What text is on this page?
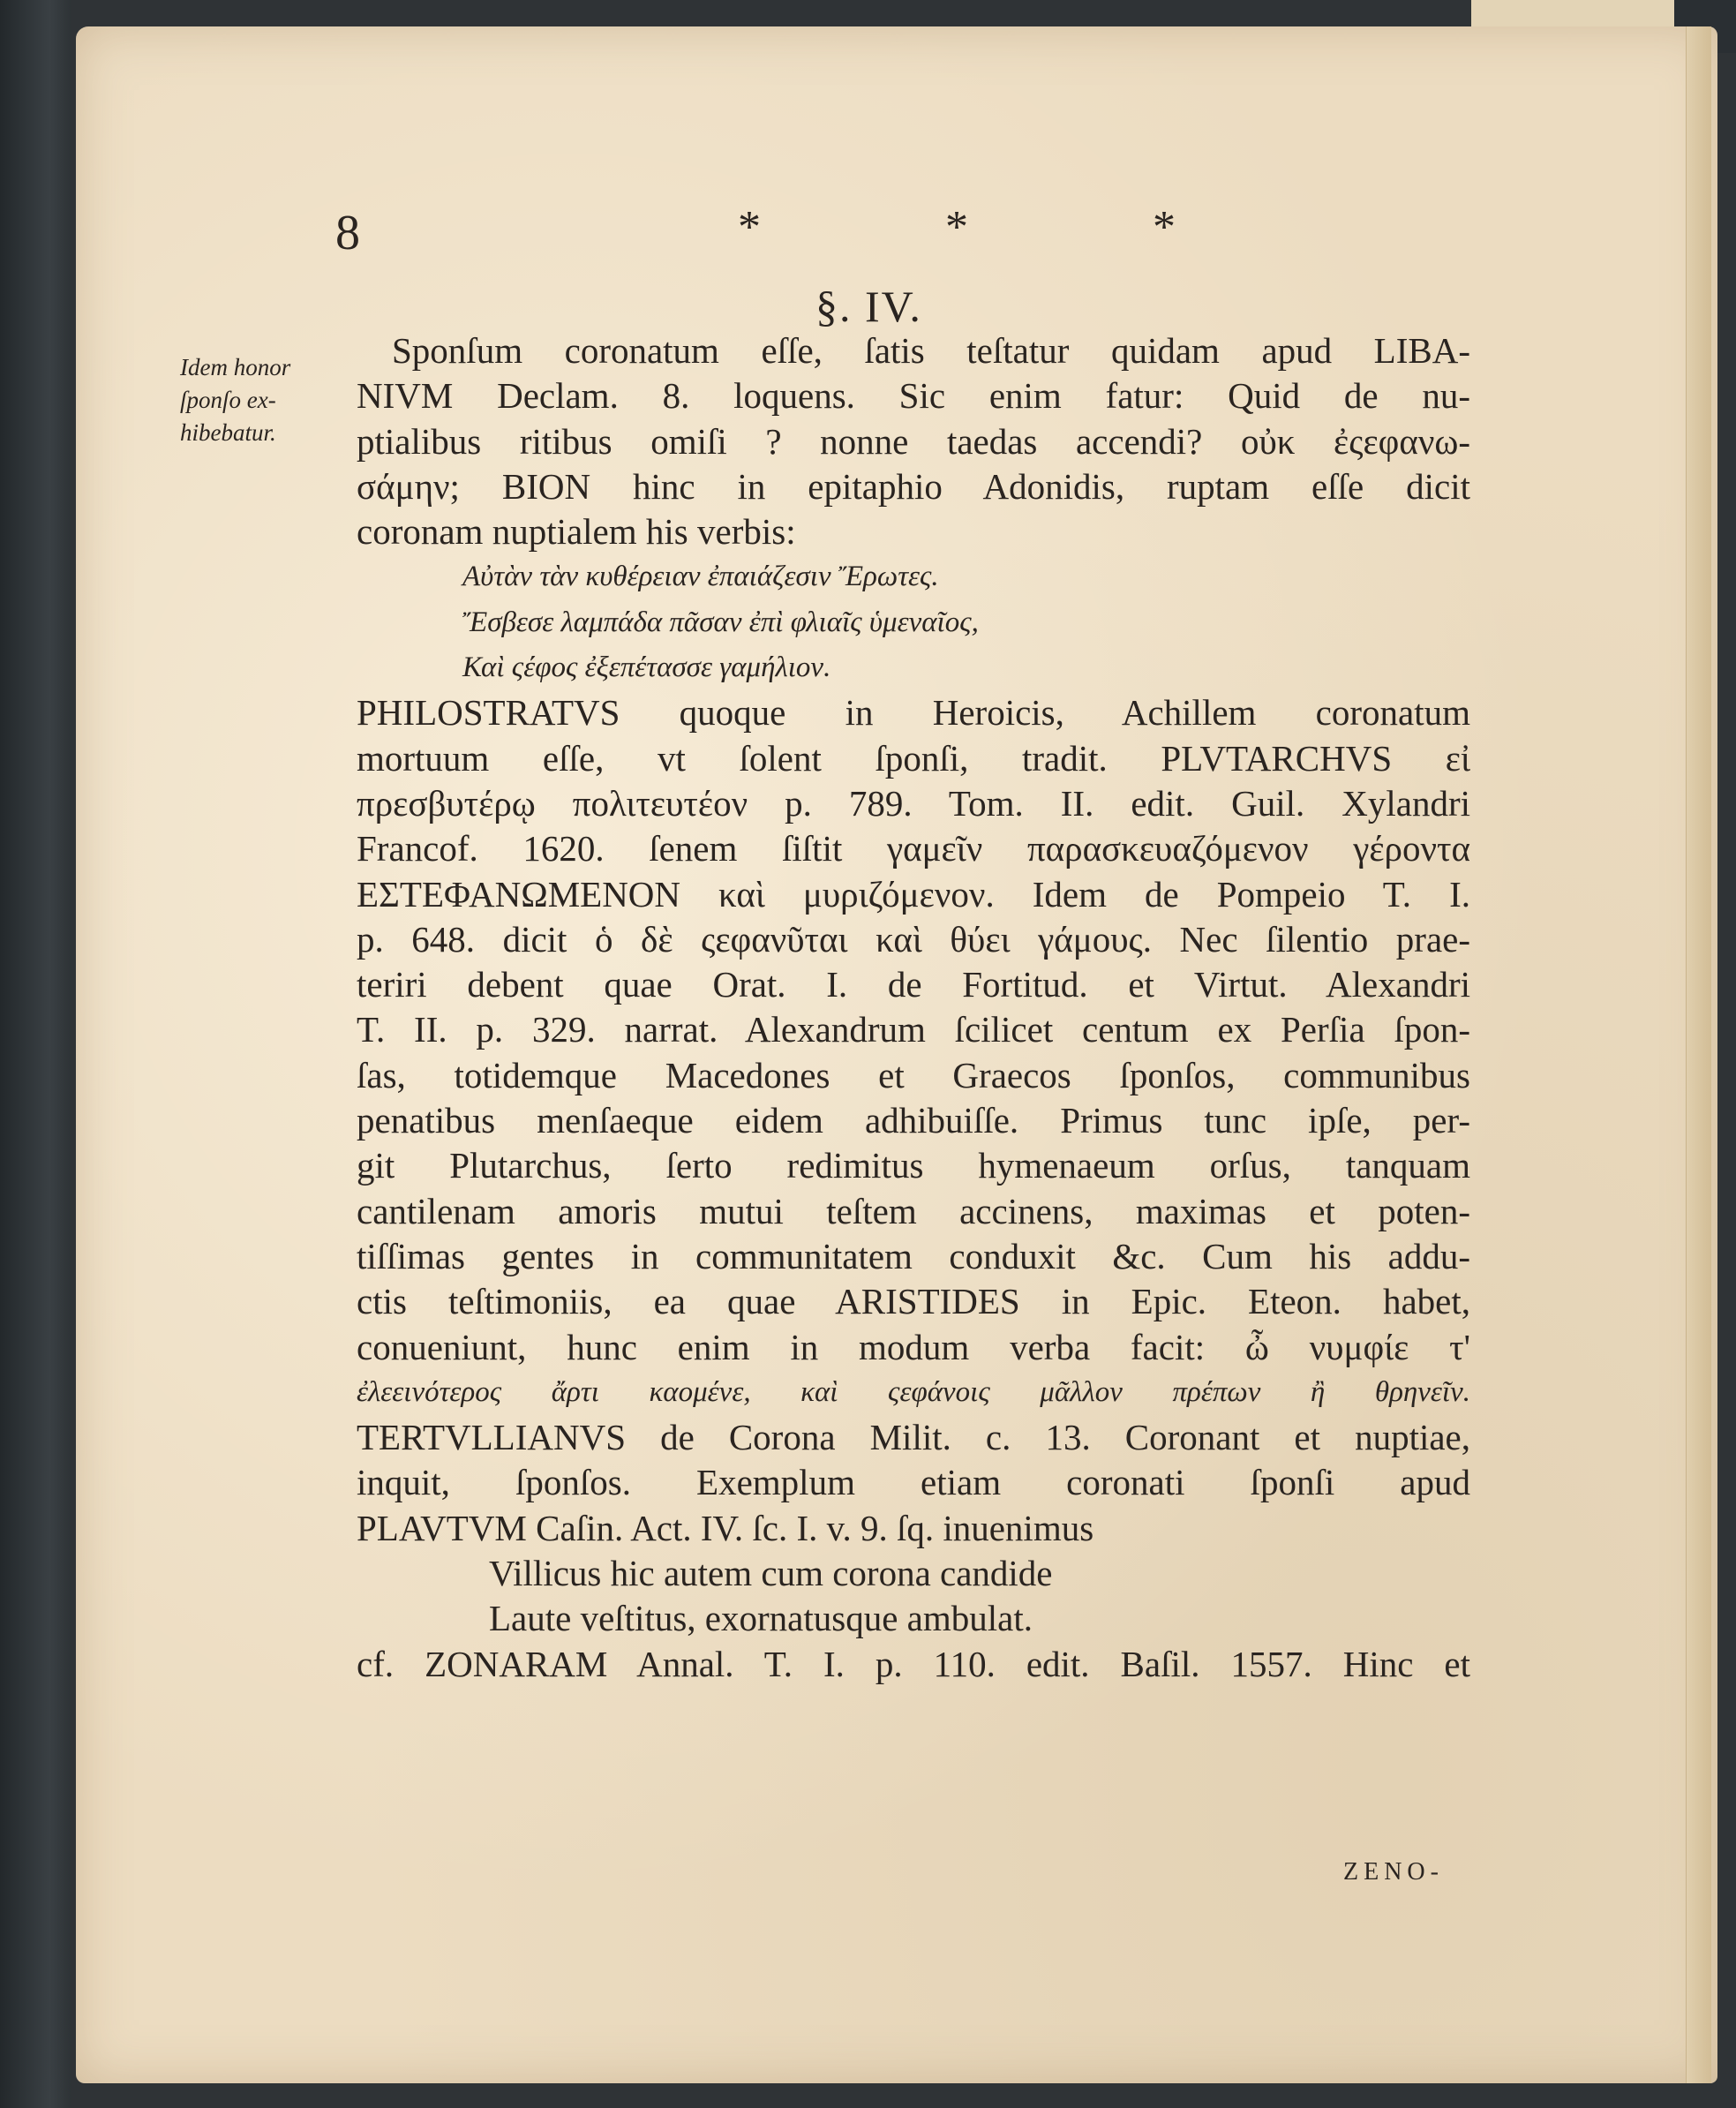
8	* * *
§. IV.
Idem honor
ſponſo ex-
hibebatur.
Sponſum coronatum eſſe, ſatis teſtatur quidam apud LIBA-
NIVM Declam. 8. loquens. Sic enim fatur: Quid de nu-
ptialibus ritibus omiſi ? nonne taedas accendi? οὐκ ἐςεφανω-
σάμην; BION hinc in epitaphio Adonidis, ruptam eſſe dicit
coronam nuptialem his verbis:
Αὐτὰν τὰν κυθέρειαν ἐπαιάζεσιν Ἔρωτες.
Ἔσβεσε λαμπάδα πᾶσαν ἐπὶ φλιαῖς ὑμεναῖος,
Καὶ ςέφος ἐξεπέτασσε γαμήλιον.
PHILOSTRATVS quoque in Heroicis, Achillem coronatum
mortuum eſſe, vt ſolent ſponſi, tradit. PLVTARCHVS εἰ
πρεσβυτέρῳ πολιτευτέον p. 789. Tom. II. edit. Guil. Xylandri
Francof. 1620. ſenem ſiſtit γαμεῖν παρασκευαζόμενον γέροντα
ΕΣΤΕΦΑΝΩΜΕΝΟΝ καὶ μυριζόμενον. Idem de Pompeio T. I.
p. 648. dicit ὁ δὲ ςεφανῦται καὶ θύει γάμους. Nec ſilentio prae-
teriri debent quae Orat. I. de Fortitud. et Virtut. Alexandri
T. II. p. 329. narrat. Alexandrum ſcilicet centum ex Perſia ſpon-
ſas, totidemque Macedones et Graecos ſponſos, communibus
penatibus menſaeque eidem adhibuiſſe. Primus tunc ipſe, per-
git Plutarchus, ſerto redimitus hymenaeum orſus, tanquam
cantilenam amoris mutui teſtem accinens, maximas et poten-
tiſſimas gentes in communitatem conduxit &c. Cum his addu-
ctis teſtimoniis, ea quae ARISTIDES in Epic. Eteon. habet,
conueniunt, hunc enim in modum verba facit: ὦ νυμφίε τ'
ἐλεεινότερος ἄρτι καομένε, καὶ ςεφάνοις μᾶλλον πρέπων ἢ θρηνεῖν.
TERTVLLIANVS de Corona Milit. c. 13. Coronant et nuptiae,
inquit, ſponſos. Exemplum etiam coronati ſponſi apud
PLAVTVM Caſin. Act. IV. ſc. I. v. 9. ſq. inuenimus
Villicus hic autem cum corona candide
Laute veſtitus, exornatusque ambulat.
cf. ZONARAM Annal. T. I. p. 110. edit. Baſil. 1557. Hinc et
ZENO-
